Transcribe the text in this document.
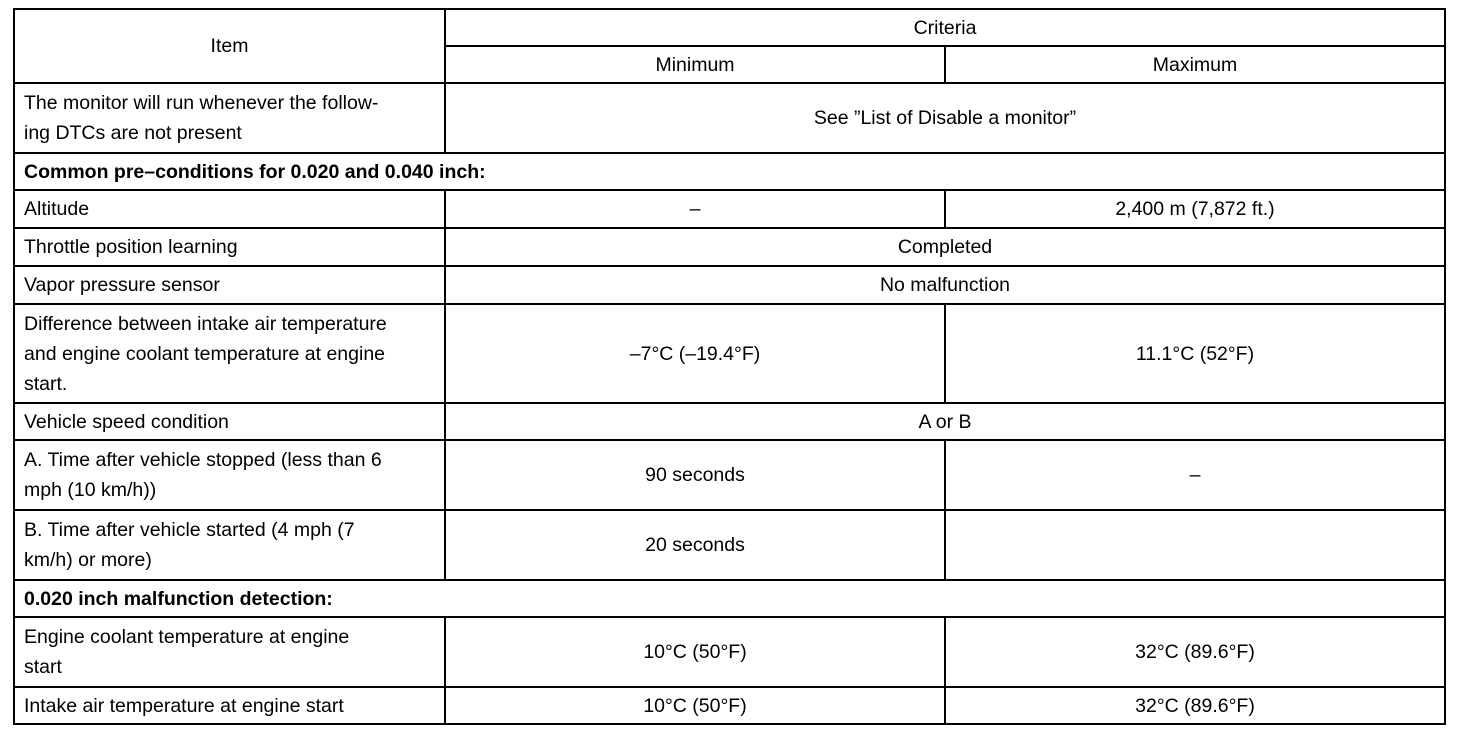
Item	Criteria	
	Minimum	Maximum
The monitor will run whenever the follow-
ing DTCs are not present	See ”List of Disable a monitor”	
Common pre–conditions for 0.020 and 0.040 inch:		
Altitude	–	2,400 m (7,872 ft.)
Throttle position learning	Completed	
Vapor pressure sensor	No malfunction	
Difference between intake air temperature
and engine coolant temperature at engine
start.	–7°C (–19.4°F)	11.1°C (52°F)
Vehicle speed condition	A or B	
A. Time after vehicle stopped (less than 6
mph (10 km/h))	90 seconds	–
B. Time after vehicle started (4 mph (7
km/h) or more)	20 seconds	
0.020 inch malfunction detection:		
Engine coolant temperature at engine
start	10°C (50°F)	32°C (89.6°F)
Intake air temperature at engine start	10°C (50°F)	32°C (89.6°F)
